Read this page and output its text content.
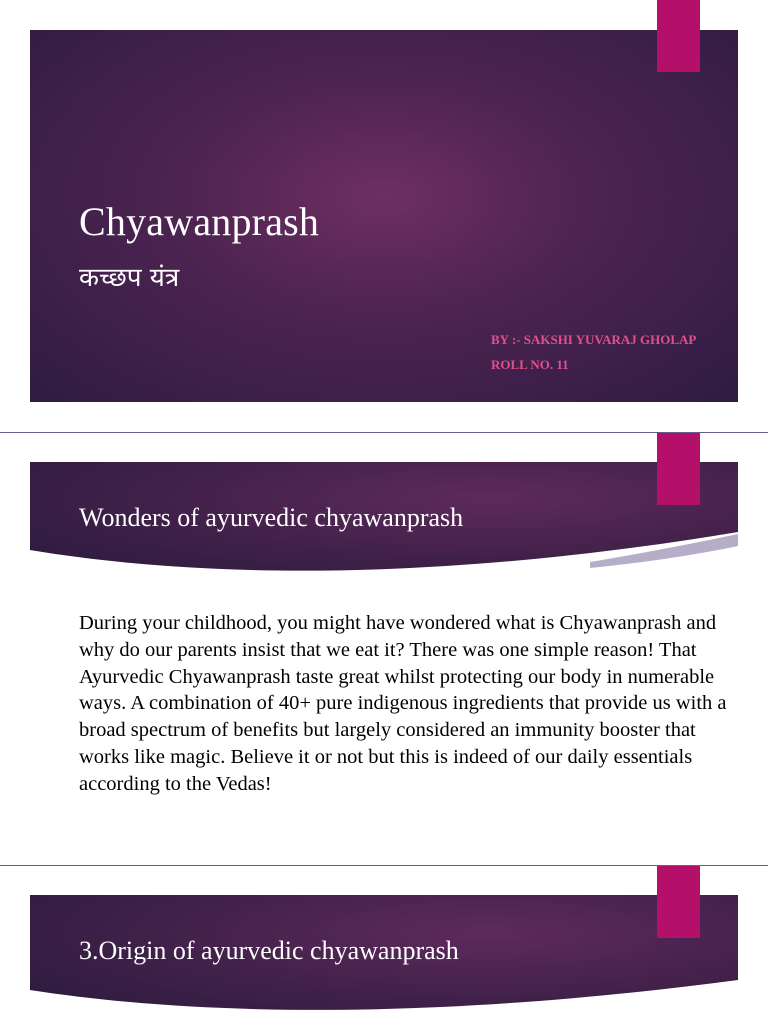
Chyawanprash

कच्छप यंत्र

BY :- SAKSHI YUVARAJ GHOLAP

ROLL NO. 11

Wonders of ayurvedic chyawanprash

During your childhood, you might have wondered what is Chyawanprash and why do our parents insist that we eat it? There was one simple reason! That Ayurvedic Chyawanprash taste great whilst protecting our body in numerable ways. A combination of 40+ pure indigenous ingredients that provide us with a broad spectrum of benefits but largely considered an immunity booster that works like magic. Believe it or not but this is indeed of our daily essentials according to the Vedas!

3.Origin of ayurvedic chyawanprash
